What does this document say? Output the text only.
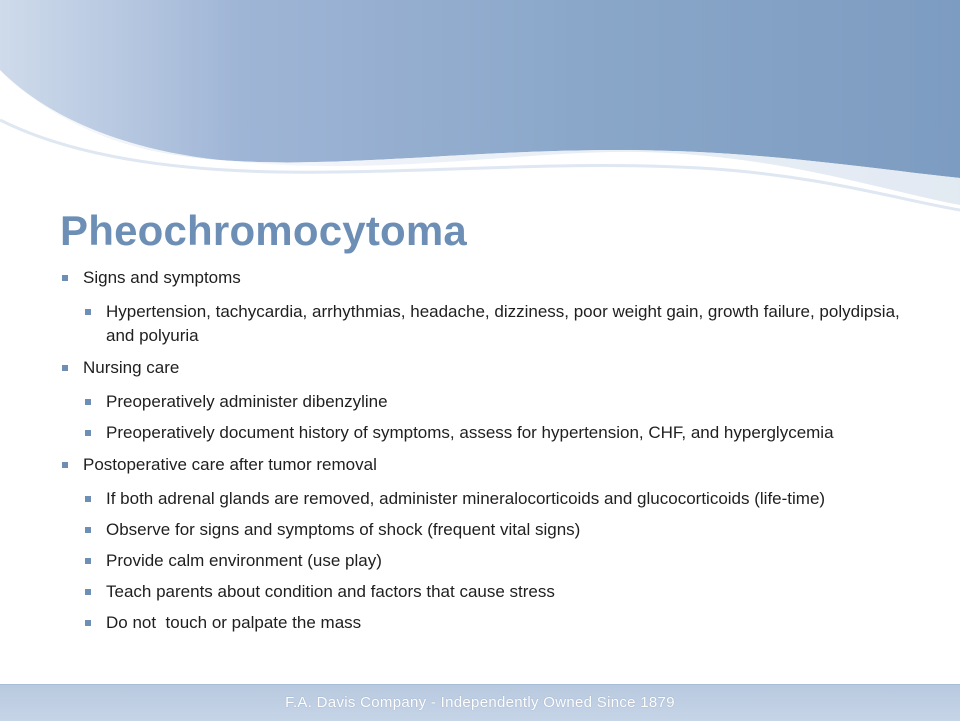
Pheochromocytoma
Signs and symptoms
Hypertension, tachycardia, arrhythmias, headache, dizziness, poor weight gain, growth failure, polydipsia, and polyuria
Nursing care
Preoperatively administer dibenzyline
Preoperatively document history of symptoms, assess for hypertension, CHF, and hyperglycemia
Postoperative care after tumor removal
If both adrenal glands are removed, administer mineralocorticoids and glucocorticoids (life-time)
Observe for signs and symptoms of shock (frequent vital signs)
Provide calm environment (use play)
Teach parents about condition and factors that cause stress
Do not  touch or palpate the mass
F.A. Davis Company - Independently Owned Since 1879
